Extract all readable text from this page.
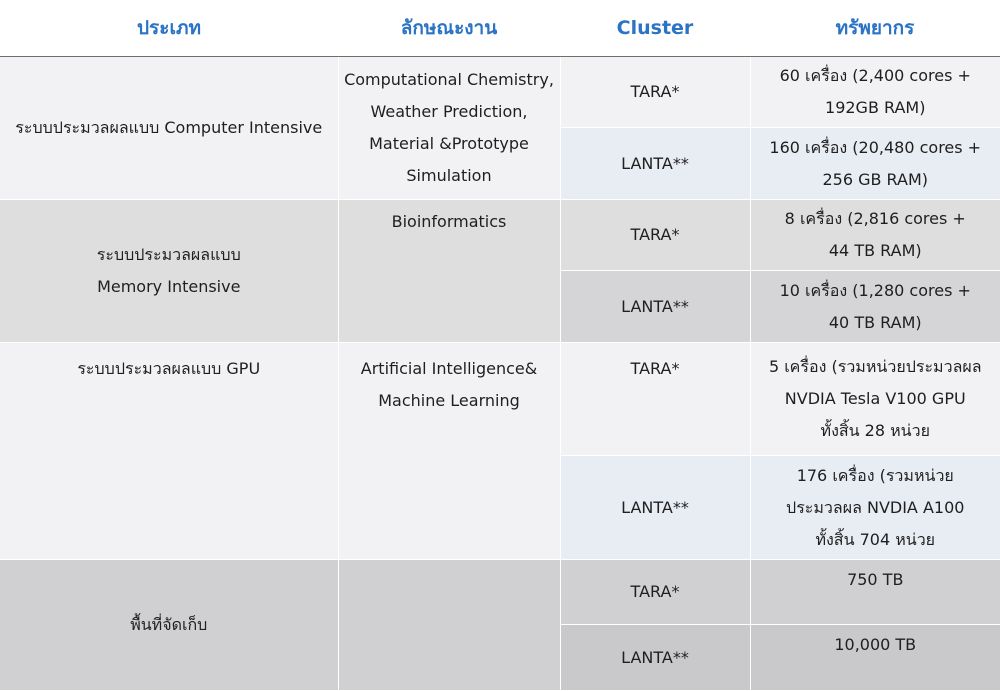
ประเภท	ลักษณะงาน	Cluster	ทรัพยากร
ระบบประมวลผลแบบ Computer Intensive	Computational Chemistry,
Weather Prediction,
Material &Prototype
Simulation	TARA*	60 เครื่อง (2,400 cores +
192GB RAM)

		LANTA**	160 เครื่อง (20,480 cores +
256 GB RAM)

ระบบประมวลผลแบบ
Memory Intensive	Bioinformatics	TARA*	8 เครื่อง (2,816 cores +
44 TB RAM)

		LANTA**	10 เครื่อง (1,280 cores +
40 TB RAM)

ระบบประมวลผลแบบ GPU	Artificial Intelligence&
Machine Learning	TARA*	5 เครื่อง (รวมหน่วยประมวลผล
NVDIA Tesla V100 GPU
ทั้งสิ้น 28 หน่วย

		LANTA**	176 เครื่อง (รวมหน่วย
ประมวลผล NVDIA A100
ทั้งสิ้น 704 หน่วย

พื้นที่จัดเก็บ		TARA*	750 TB
		LANTA**	10,000 TB
